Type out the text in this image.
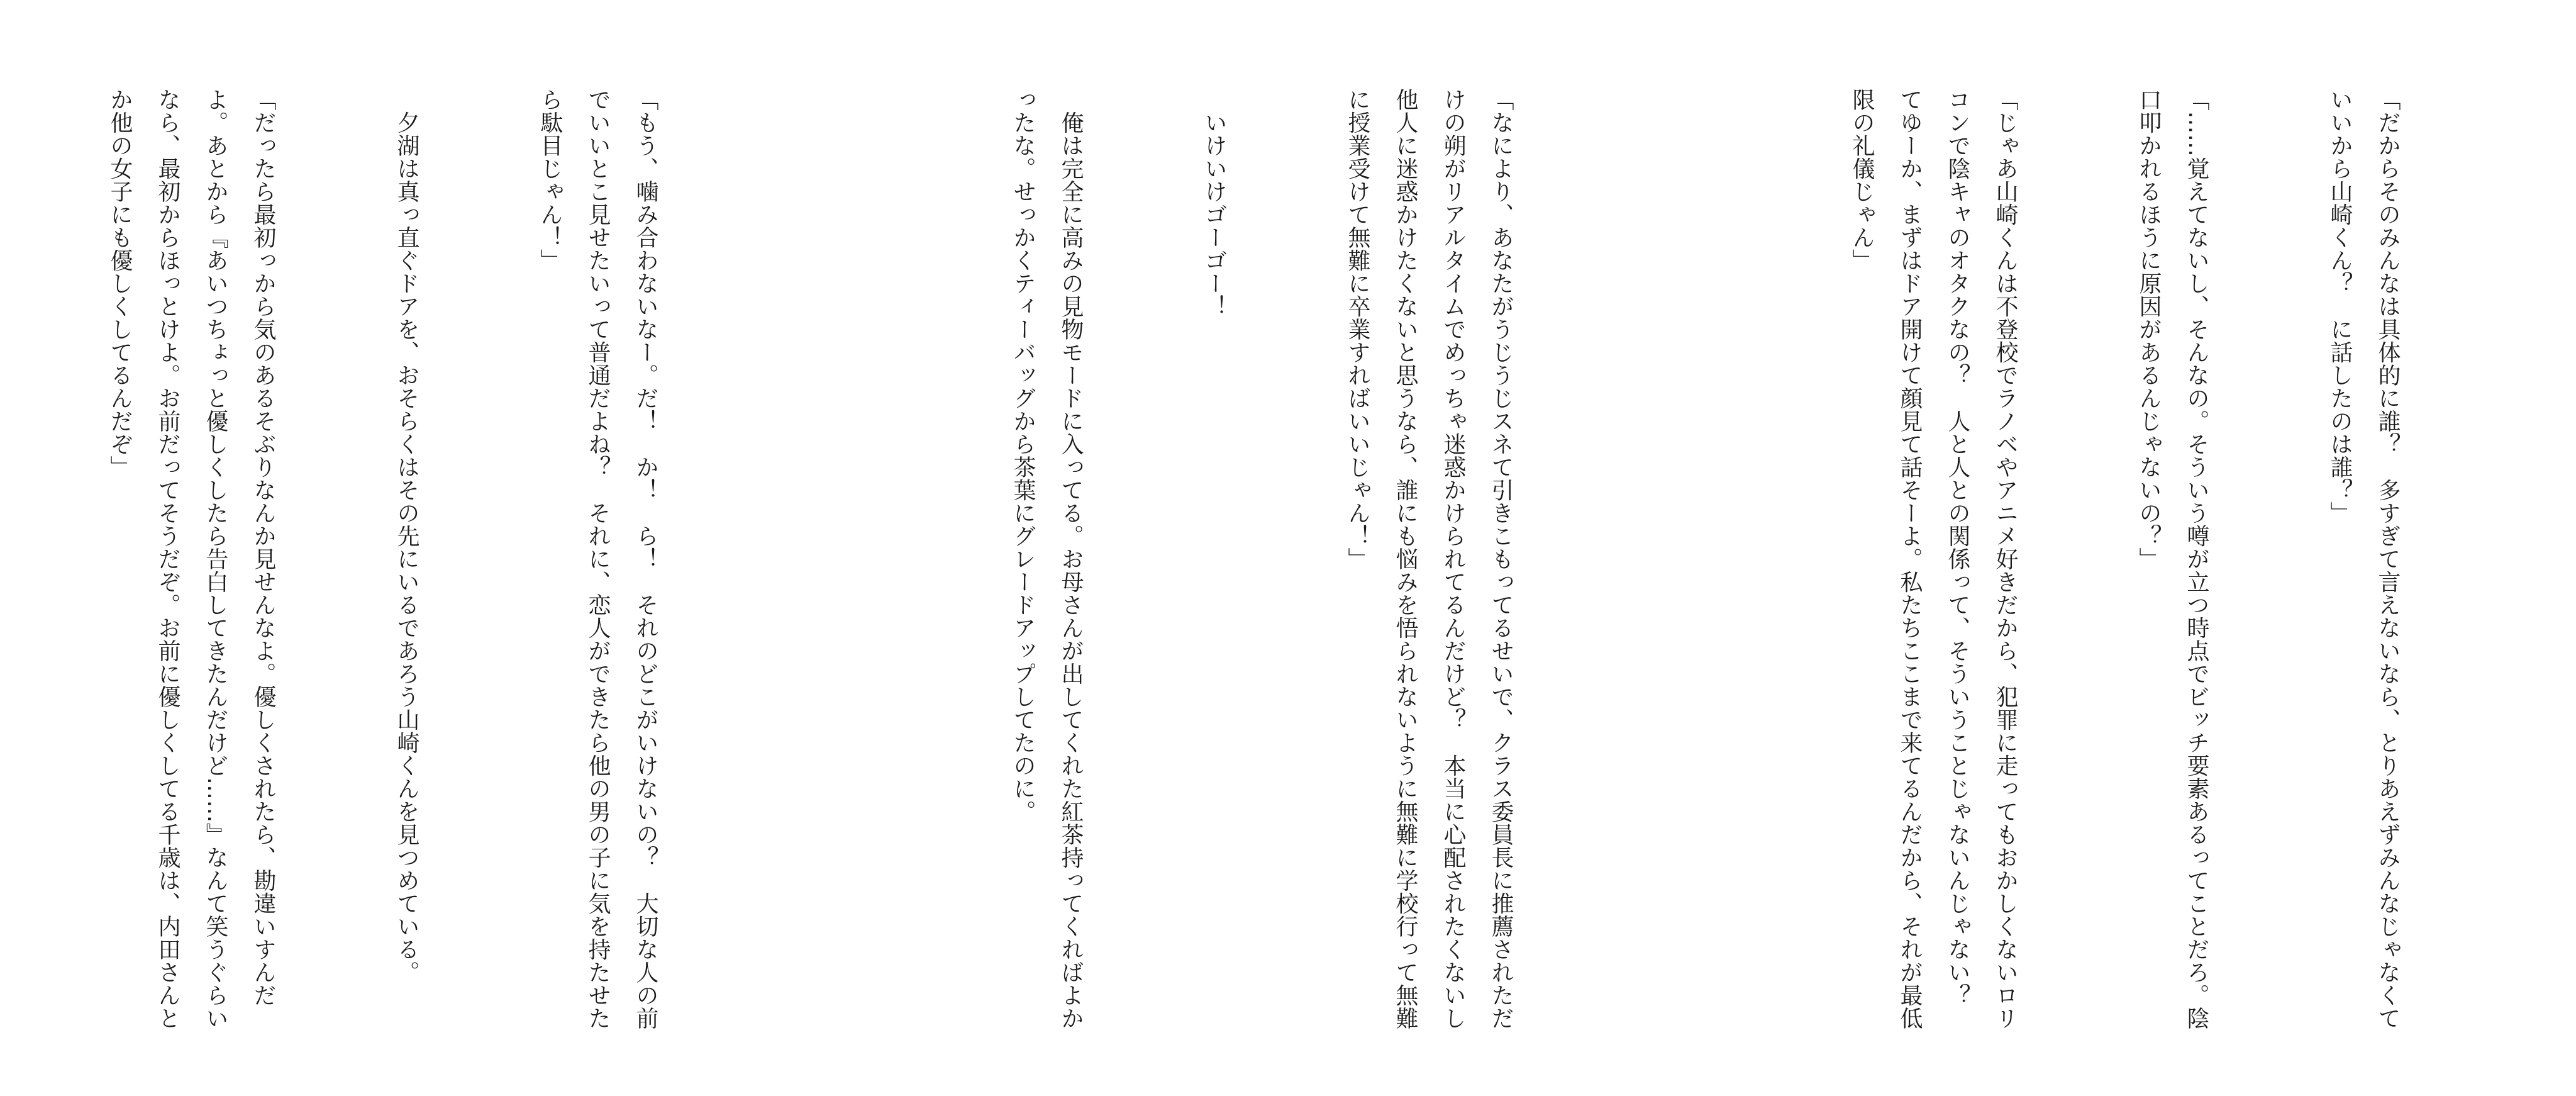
「だからそのみんなは具体的に誰？　多すぎて言えないなら、とりあえずみんなじゃなくていいから山崎くん？　に話したのは誰？」

「……覚えてないし、そんなの。そういう噂が立つ時点でビッチ要素あるってことだろ。陰口叩かれるほうに原因があるんじゃないの？」

「じゃあ山崎くんは不登校でラノベやアニメ好きだから、犯罪に走ってもおかしくないロリコンで陰キャのオタクなの？　人と人との関係って、そういうことじゃないんじゃない？　てゆーか、まずはドア開けて顔見て話そーよ。私たちここまで来てるんだから、それが最低限の礼儀じゃん」

「なにより、あなたがうじうじスネて引きこもってるせいで、クラス委員長に推薦されただけの朔がリアルタイムでめっちゃ迷惑かけられてるんだけど？　本当に心配されたくないし他人に迷惑かけたくないと思うなら、誰にも悩みを悟られないように無難に学校行って無難に授業受けて無難に卒業すればいいじゃん！」

　いけいけゴーゴー！

　俺は完全に高みの見物モードに入ってる。お母さんが出してくれた紅茶持ってくればよかったな。せっかくティーバッグから茶葉にグレードアップしてたのに。

「もう、噛み合わないなー。だ！　か！　ら！　それのどこがいけないの？　大切な人の前でいいとこ見せたいって普通だよね？　それに、恋人ができたら他の男の子に気を持たせたら駄目じゃん！」

　夕湖は真っ直ぐドアを、おそらくはその先にいるであろう山崎くんを見つめている。

「だったら最初っから気のあるそぶりなんか見せんなよ。優しくされたら、勘違いすんだよ。あとから『あいつちょっと優しくしたら告白してきたんだけど……』なんて笑うぐらいなら、最初からほっとけよ。お前だってそうだぞ。お前に優しくしてる千歳は、内田さんとか他の女子にも優しくしてるんだぞ」
